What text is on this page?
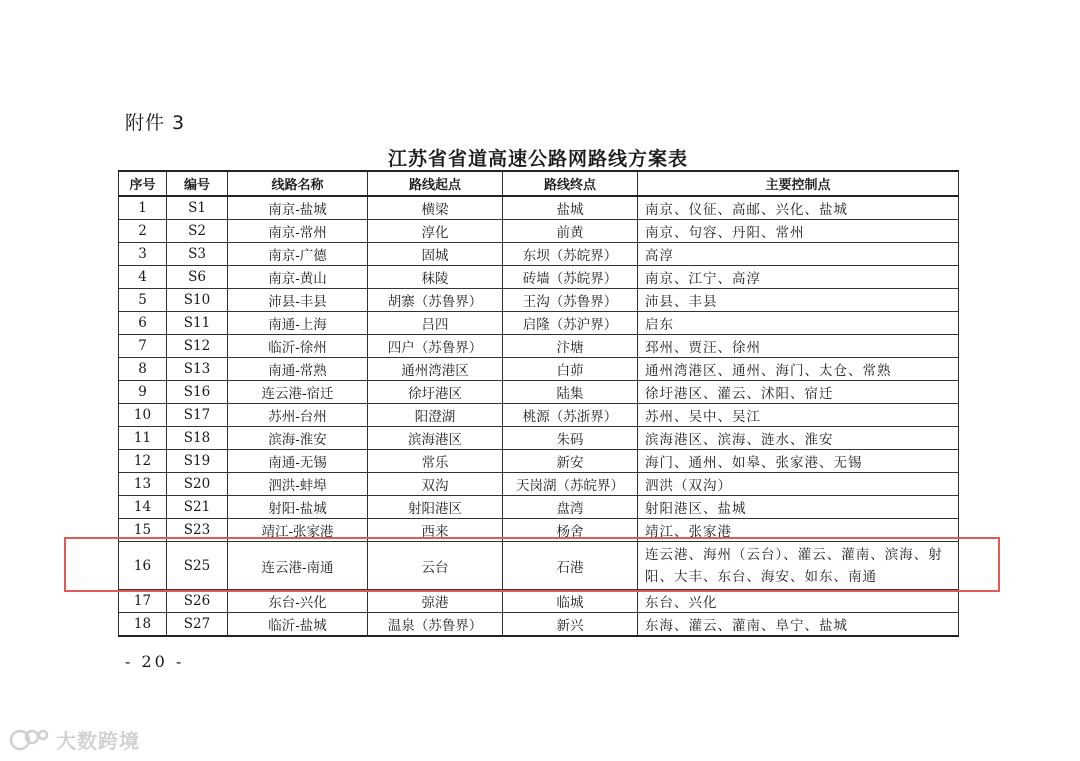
附件 3
江苏省省道高速公路网路线方案表
序号	编号	线路名称	路线起点	路线终点	主要控制点
1	S1	南京-盐城	横梁	盐城	南京、仪征、高邮、兴化、盐城
2	S2	南京-常州	淳化	前黄	南京、句容、丹阳、常州
3	S3	南京-广德	固城	东坝（苏皖界）	高淳
4	S6	南京-黄山	秣陵	砖墙（苏皖界）	南京、江宁、高淳
5	S10	沛县-丰县	胡寨（苏鲁界）	王沟（苏鲁界）	沛县、丰县
6	S11	南通-上海	吕四	启隆（苏沪界）	启东
7	S12	临沂-徐州	四户（苏鲁界）	汴塘	邳州、贾汪、徐州
8	S13	南通-常熟	通州湾港区	白茆	通州湾港区、通州、海门、太仓、常熟
9	S16	连云港-宿迁	徐圩港区	陆集	徐圩港区、灌云、沭阳、宿迁
10	S17	苏州-台州	阳澄湖	桃源（苏浙界）	苏州、吴中、吴江
11	S18	滨海-淮安	滨海港区	朱码	滨海港区、滨海、涟水、淮安
12	S19	南通-无锡	常乐	新安	海门、通州、如皋、张家港、无锡
13	S20	泗洪-蚌埠	双沟	天岗湖（苏皖界）	泗洪（双沟）
14	S21	射阳-盐城	射阳港区	盘湾	射阳港区、盐城
15	S23	靖江-张家港	西来	杨舍	靖江、张家港
16	S25	连云港-南通	云台	石港	连云港、海州（云台）、灌云、灌南、滨海、射阳、大丰、东台、海安、如东、南通
17	S26	东台-兴化	弶港	临城	东台、兴化
18	S27	临沂-盐城	温泉（苏鲁界）	新兴	东海、灌云、灌南、阜宁、盐城
- 20 -
大数跨境
